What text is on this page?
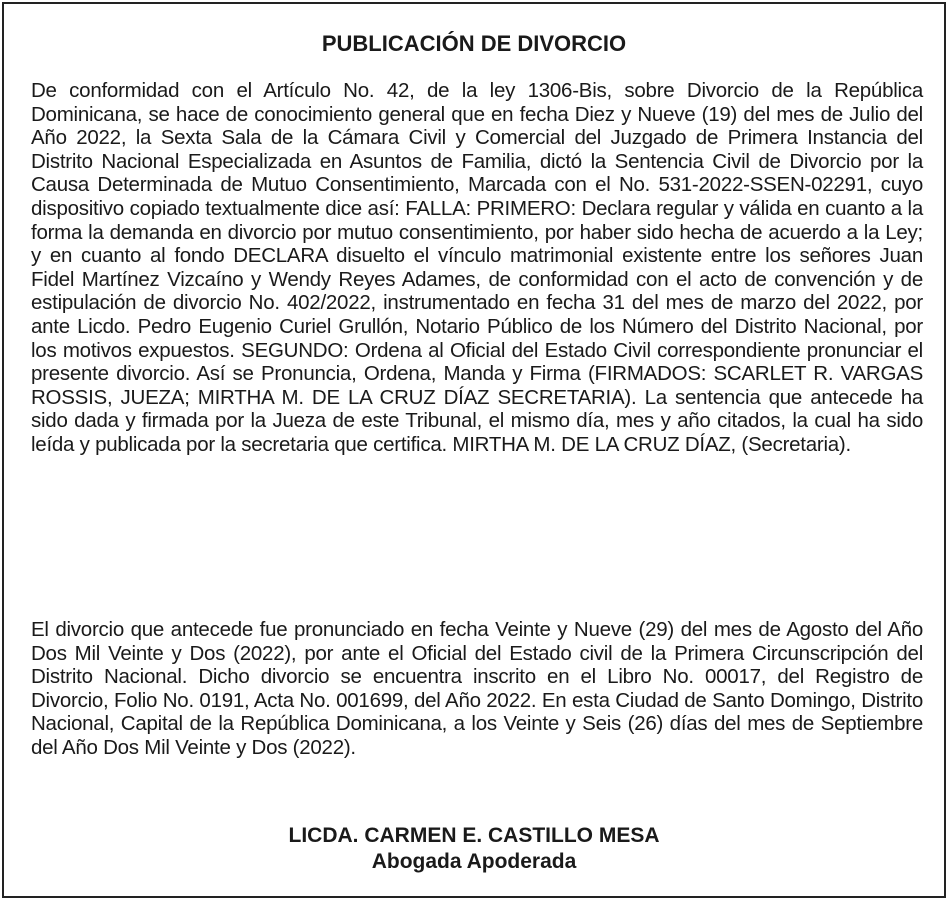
PUBLICACIÓN DE DIVORCIO

De conformidad con el Artículo No. 42, de la ley 1306-Bis, sobre Divorcio de la República Dominicana, se hace de conocimiento general que en fecha Diez y Nueve (19) del mes de Julio del Año 2022, la Sexta Sala de la Cámara Civil y Comercial del Juzgado de Primera Instancia del Distrito Nacional Especializada en Asuntos de Familia, dictó la Sentencia Civil de Divorcio por la Causa Determinada de Mutuo Consentimiento, Marcada con el No. 531-2022-SSEN-02291, cuyo dispositivo copiado textualmente dice así: FALLA: PRIMERO: Declara regular y válida en cuanto a la forma la demanda en divorcio por mutuo consentimiento, por haber sido hecha de acuerdo a la Ley; y en cuanto al fondo DECLARA disuelto el vínculo matrimonial existente entre los señores Juan Fidel Martínez Vizcaíno y Wendy Reyes Adames, de conformidad con el acto de convención y de estipulación de divorcio No. 402/2022, instrumentado en fecha 31 del mes de marzo del 2022, por ante Licdo. Pedro Eugenio Curiel Grullón, Notario Público de los Número del Distrito Nacional, por los motivos expuestos. SEGUNDO: Ordena al Oficial del Estado Civil correspondiente pronunciar el presente divorcio. Así se Pronuncia, Ordena, Manda y Firma (FIRMADOS: SCARLET R. VARGAS ROSSIS, JUEZA; MIRTHA M. DE LA CRUZ DÍAZ SECRETARIA). La sentencia que antecede ha sido dada y firmada por la Jueza de este Tribunal, el mismo día, mes y año citados, la cual ha sido leída y publicada por la secretaria que certifica. MIRTHA M. DE LA CRUZ DÍAZ, (Secretaria).

El divorcio que antecede fue pronunciado en fecha Veinte y Nueve (29) del mes de Agosto del Año Dos Mil Veinte y Dos (2022), por ante el Oficial del Estado civil de la Primera Circunscripción del Distrito Nacional. Dicho divorcio se encuentra inscrito en el Libro No. 00017, del Registro de Divorcio, Folio No. 0191, Acta No. 001699, del Año 2022. En esta Ciudad de Santo Domingo, Distrito Nacional, Capital de la República Dominicana, a los Veinte y Seis (26) días del mes de Septiembre del Año Dos Mil Veinte y Dos (2022).

LICDA. CARMEN E. CASTILLO MESA

Abogada Apoderada
